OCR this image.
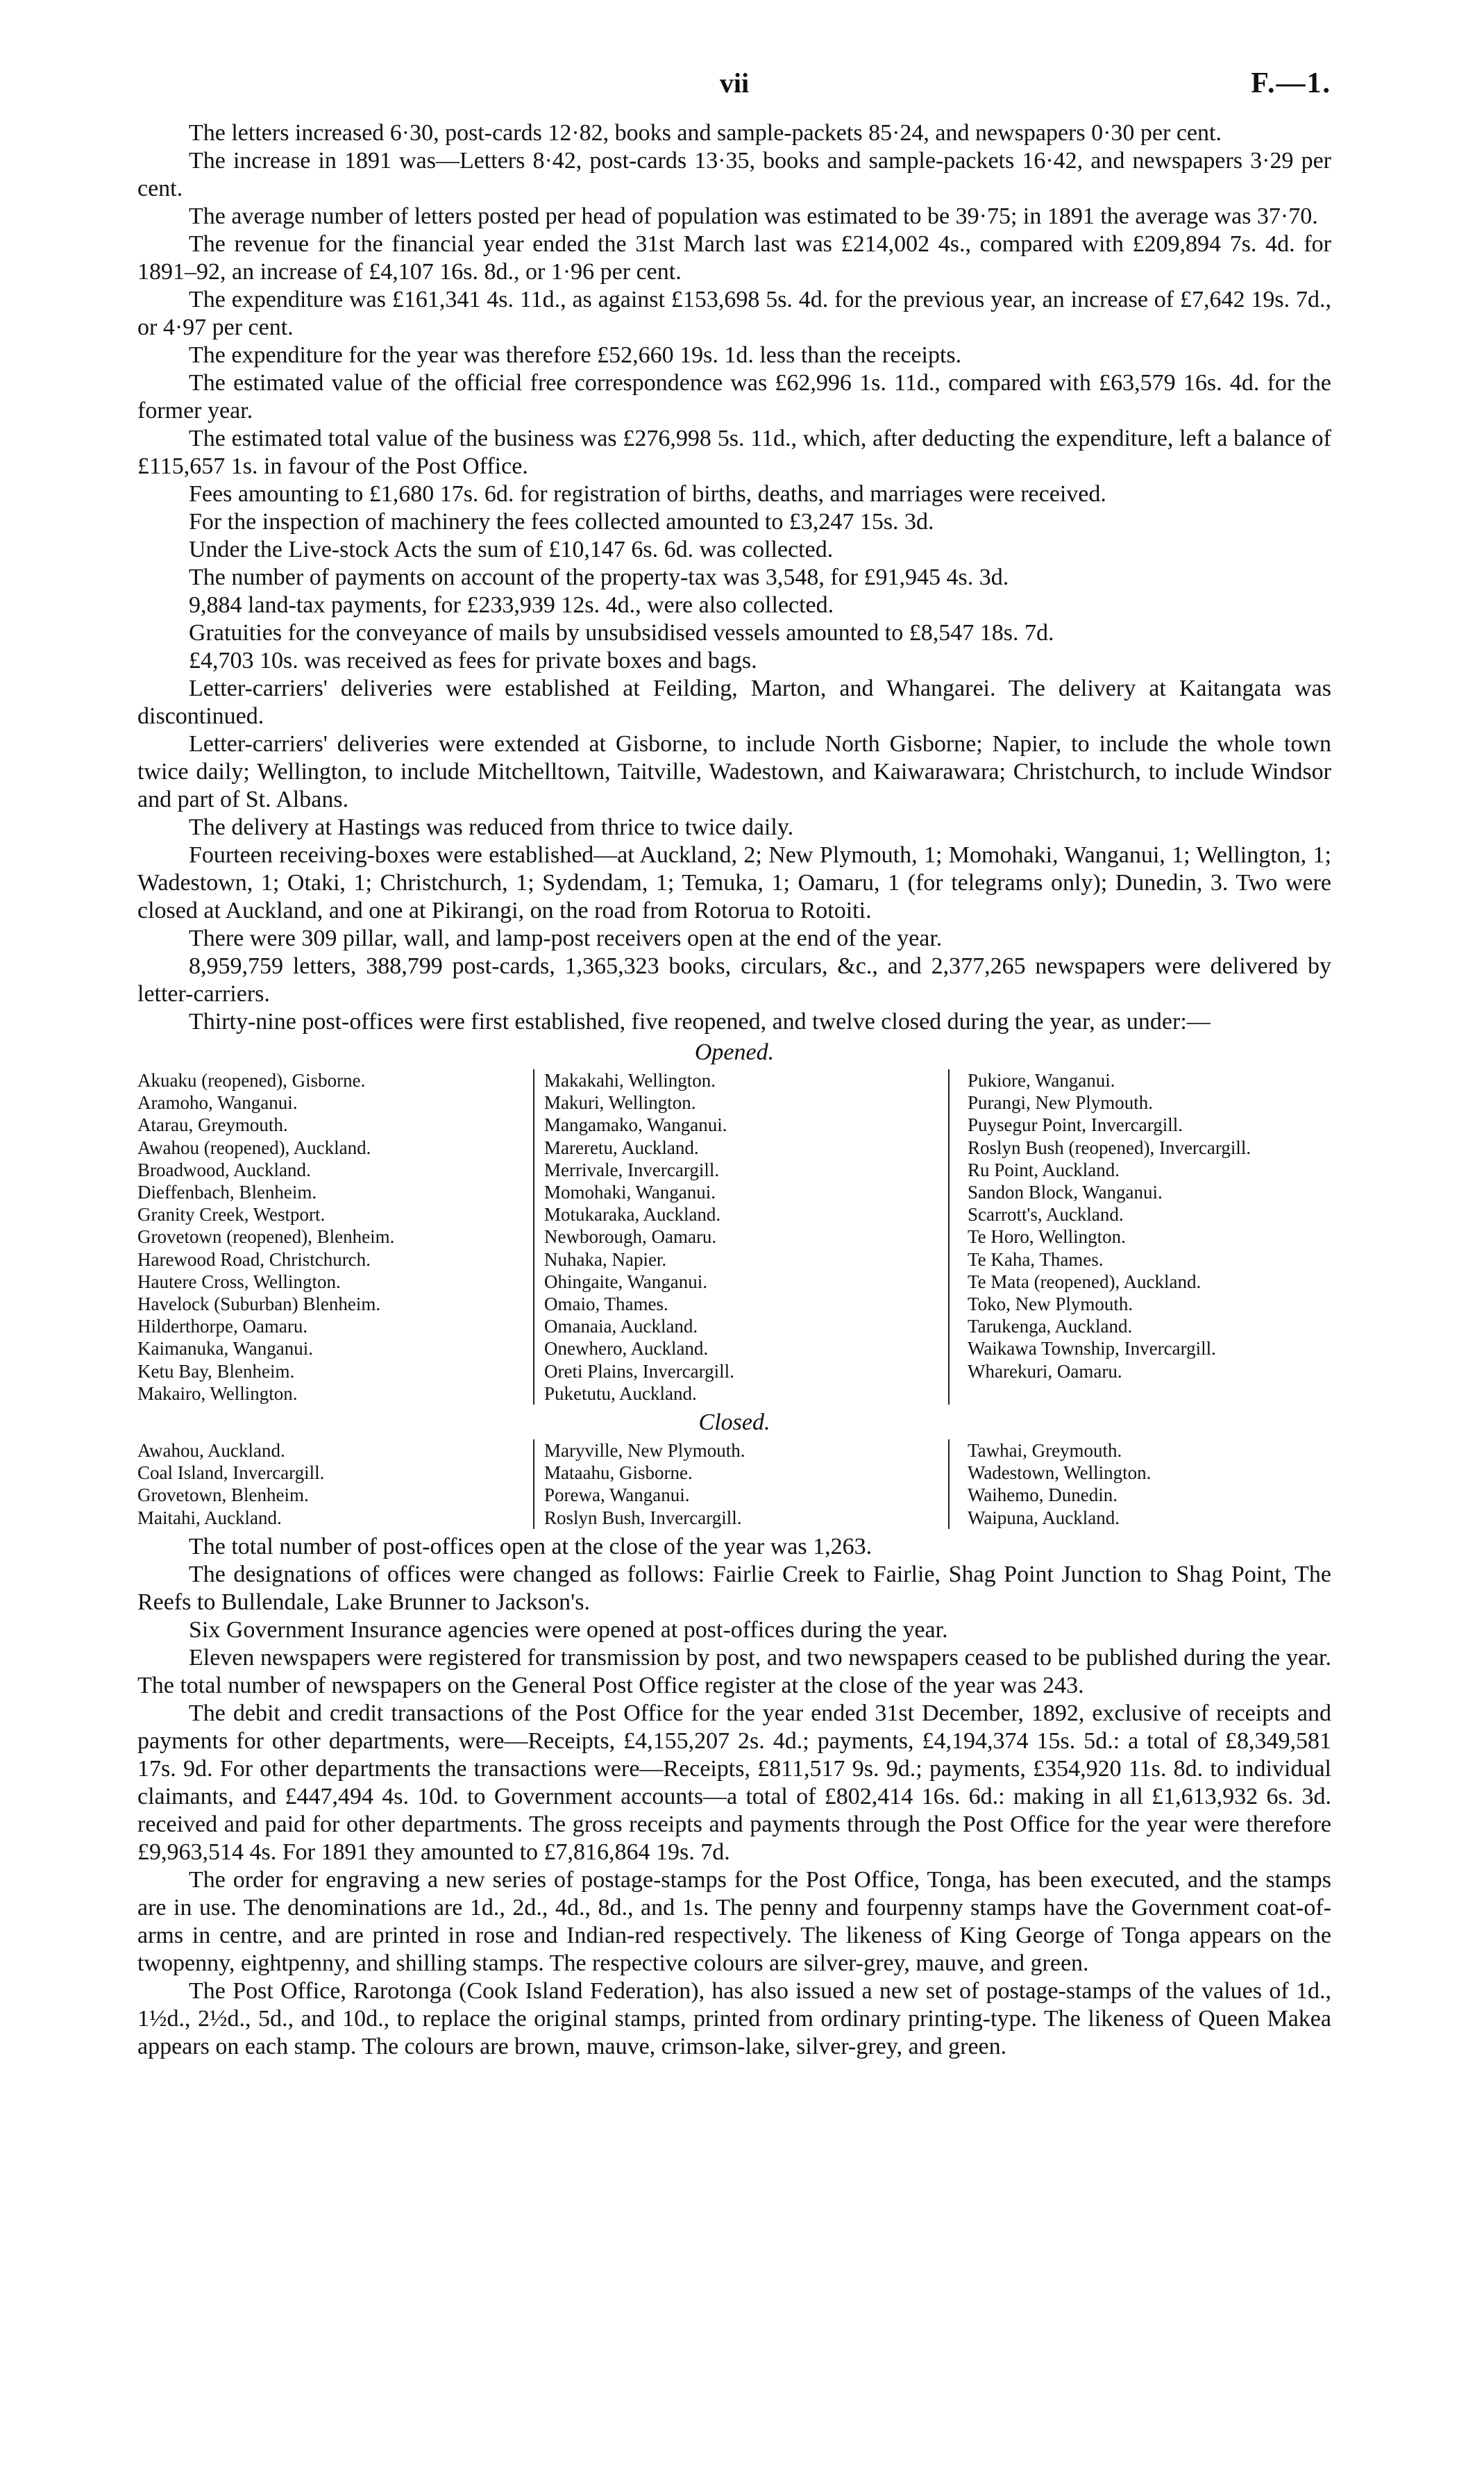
vii	F.—1.

The letters increased 6·30, post-cards 12·82, books and sample-packets 85·24, and newspapers 0·30 per cent.

The increase in 1891 was—Letters 8·42, post-cards 13·35, books and sample-packets 16·42, and newspapers 3·29 per cent.

The average number of letters posted per head of population was estimated to be 39·75; in 1891 the average was 37·70.

The revenue for the financial year ended the 31st March last was £214,002 4s., compared with £209,894 7s. 4d. for 1891–92, an increase of £4,107 16s. 8d., or 1·96 per cent.

The expenditure was £161,341 4s. 11d., as against £153,698 5s. 4d. for the previous year, an increase of £7,642 19s. 7d., or 4·97 per cent.

The expenditure for the year was therefore £52,660 19s. 1d. less than the receipts.

The estimated value of the official free correspondence was £62,996 1s. 11d., compared with £63,579 16s. 4d. for the former year.

The estimated total value of the business was £276,998 5s. 11d., which, after deducting the expenditure, left a balance of £115,657 1s. in favour of the Post Office.

Fees amounting to £1,680 17s. 6d. for registration of births, deaths, and marriages were received.

For the inspection of machinery the fees collected amounted to £3,247 15s. 3d.

Under the Live-stock Acts the sum of £10,147 6s. 6d. was collected.

The number of payments on account of the property-tax was 3,548, for £91,945 4s. 3d.

9,884 land-tax payments, for £233,939 12s. 4d., were also collected.

Gratuities for the conveyance of mails by unsubsidised vessels amounted to £8,547 18s. 7d.

£4,703 10s. was received as fees for private boxes and bags.

Letter-carriers' deliveries were established at Feilding, Marton, and Whangarei. The delivery at Kaitangata was discontinued.

Letter-carriers' deliveries were extended at Gisborne, to include North Gisborne; Napier, to include the whole town twice daily; Wellington, to include Mitchelltown, Taitville, Wadestown, and Kaiwarawara; Christchurch, to include Windsor and part of St. Albans.

The delivery at Hastings was reduced from thrice to twice daily.

Fourteen receiving-boxes were established—at Auckland, 2; New Plymouth, 1; Momohaki, Wanganui, 1; Wellington, 1; Wadestown, 1; Otaki, 1; Christchurch, 1; Sydendam, 1; Temuka, 1; Oamaru, 1 (for telegrams only); Dunedin, 3. Two were closed at Auckland, and one at Pikirangi, on the road from Rotorua to Rotoiti.

There were 309 pillar, wall, and lamp-post receivers open at the end of the year.

8,959,759 letters, 388,799 post-cards, 1,365,323 books, circulars, &c., and 2,377,265 newspapers were delivered by letter-carriers.

Thirty-nine post-offices were first established, five reopened, and twelve closed during the year, as under:—

Opened.
Akuaku (reopened), Gisborne.
Aramoho, Wanganui.
Atarau, Greymouth.
Awahou (reopened), Auckland.
Broadwood, Auckland.
Dieffenbach, Blenheim.
Granity Creek, Westport.
Grovetown (reopened), Blenheim.
Harewood Road, Christchurch.
Hautere Cross, Wellington.
Havelock (Suburban) Blenheim.
Hilderthorpe, Oamaru.
Kaimanuka, Wanganui.
Ketu Bay, Blenheim.
Makairo, Wellington.
Makakahi, Wellington.
Makuri, Wellington.
Mangamako, Wanganui.
Mareretu, Auckland.
Merrivale, Invercargill.
Momohaki, Wanganui.
Motukaraka, Auckland.
Newborough, Oamaru.
Nuhaka, Napier.
Ohingaite, Wanganui.
Omaio, Thames.
Omanaia, Auckland.
Onewhero, Auckland.
Oreti Plains, Invercargill.
Puketutu, Auckland.
Pukiore, Wanganui.
Purangi, New Plymouth.
Puysegur Point, Invercargill.
Roslyn Bush (reopened), Invercargill.
Ru Point, Auckland.
Sandon Block, Wanganui.
Scarrott's, Auckland.
Te Horo, Wellington.
Te Kaha, Thames.
Te Mata (reopened), Auckland.
Toko, New Plymouth.
Tarukenga, Auckland.
Waikawa Township, Invercargill.
Wharekuri, Oamaru.
Closed.
Awahou, Auckland.
Coal Island, Invercargill.
Grovetown, Blenheim.
Maitahi, Auckland.
Maryville, New Plymouth.
Mataahu, Gisborne.
Porewa, Wanganui.
Roslyn Bush, Invercargill.
Tawhai, Greymouth.
Wadestown, Wellington.
Waihemo, Dunedin.
Waipuna, Auckland.

The total number of post-offices open at the close of the year was 1,263.

The designations of offices were changed as follows: Fairlie Creek to Fairlie, Shag Point Junction to Shag Point, The Reefs to Bullendale, Lake Brunner to Jackson's.

Six Government Insurance agencies were opened at post-offices during the year.

Eleven newspapers were registered for transmission by post, and two newspapers ceased to be published during the year. The total number of newspapers on the General Post Office register at the close of the year was 243.

The debit and credit transactions of the Post Office for the year ended 31st December, 1892, exclusive of receipts and payments for other departments, were—Receipts, £4,155,207 2s. 4d.; payments, £4,194,374 15s. 5d.: a total of £8,349,581 17s. 9d. For other departments the transactions were—Receipts, £811,517 9s. 9d.; payments, £354,920 11s. 8d. to individual claimants, and £447,494 4s. 10d. to Government accounts—a total of £802,414 16s. 6d.: making in all £1,613,932 6s. 3d. received and paid for other departments. The gross receipts and payments through the Post Office for the year were therefore £9,963,514 4s. For 1891 they amounted to £7,816,864 19s. 7d.

The order for engraving a new series of postage-stamps for the Post Office, Tonga, has been executed, and the stamps are in use. The denominations are 1d., 2d., 4d., 8d., and 1s. The penny and fourpenny stamps have the Government coat-of-arms in centre, and are printed in rose and Indian-red respectively. The likeness of King George of Tonga appears on the twopenny, eightpenny, and shilling stamps. The respective colours are silver-grey, mauve, and green.

The Post Office, Rarotonga (Cook Island Federation), has also issued a new set of postage-stamps of the values of 1d., 1½d., 2½d., 5d., and 10d., to replace the original stamps, printed from ordinary printing-type. The likeness of Queen Makea appears on each stamp. The colours are brown, mauve, crimson-lake, silver-grey, and green.
